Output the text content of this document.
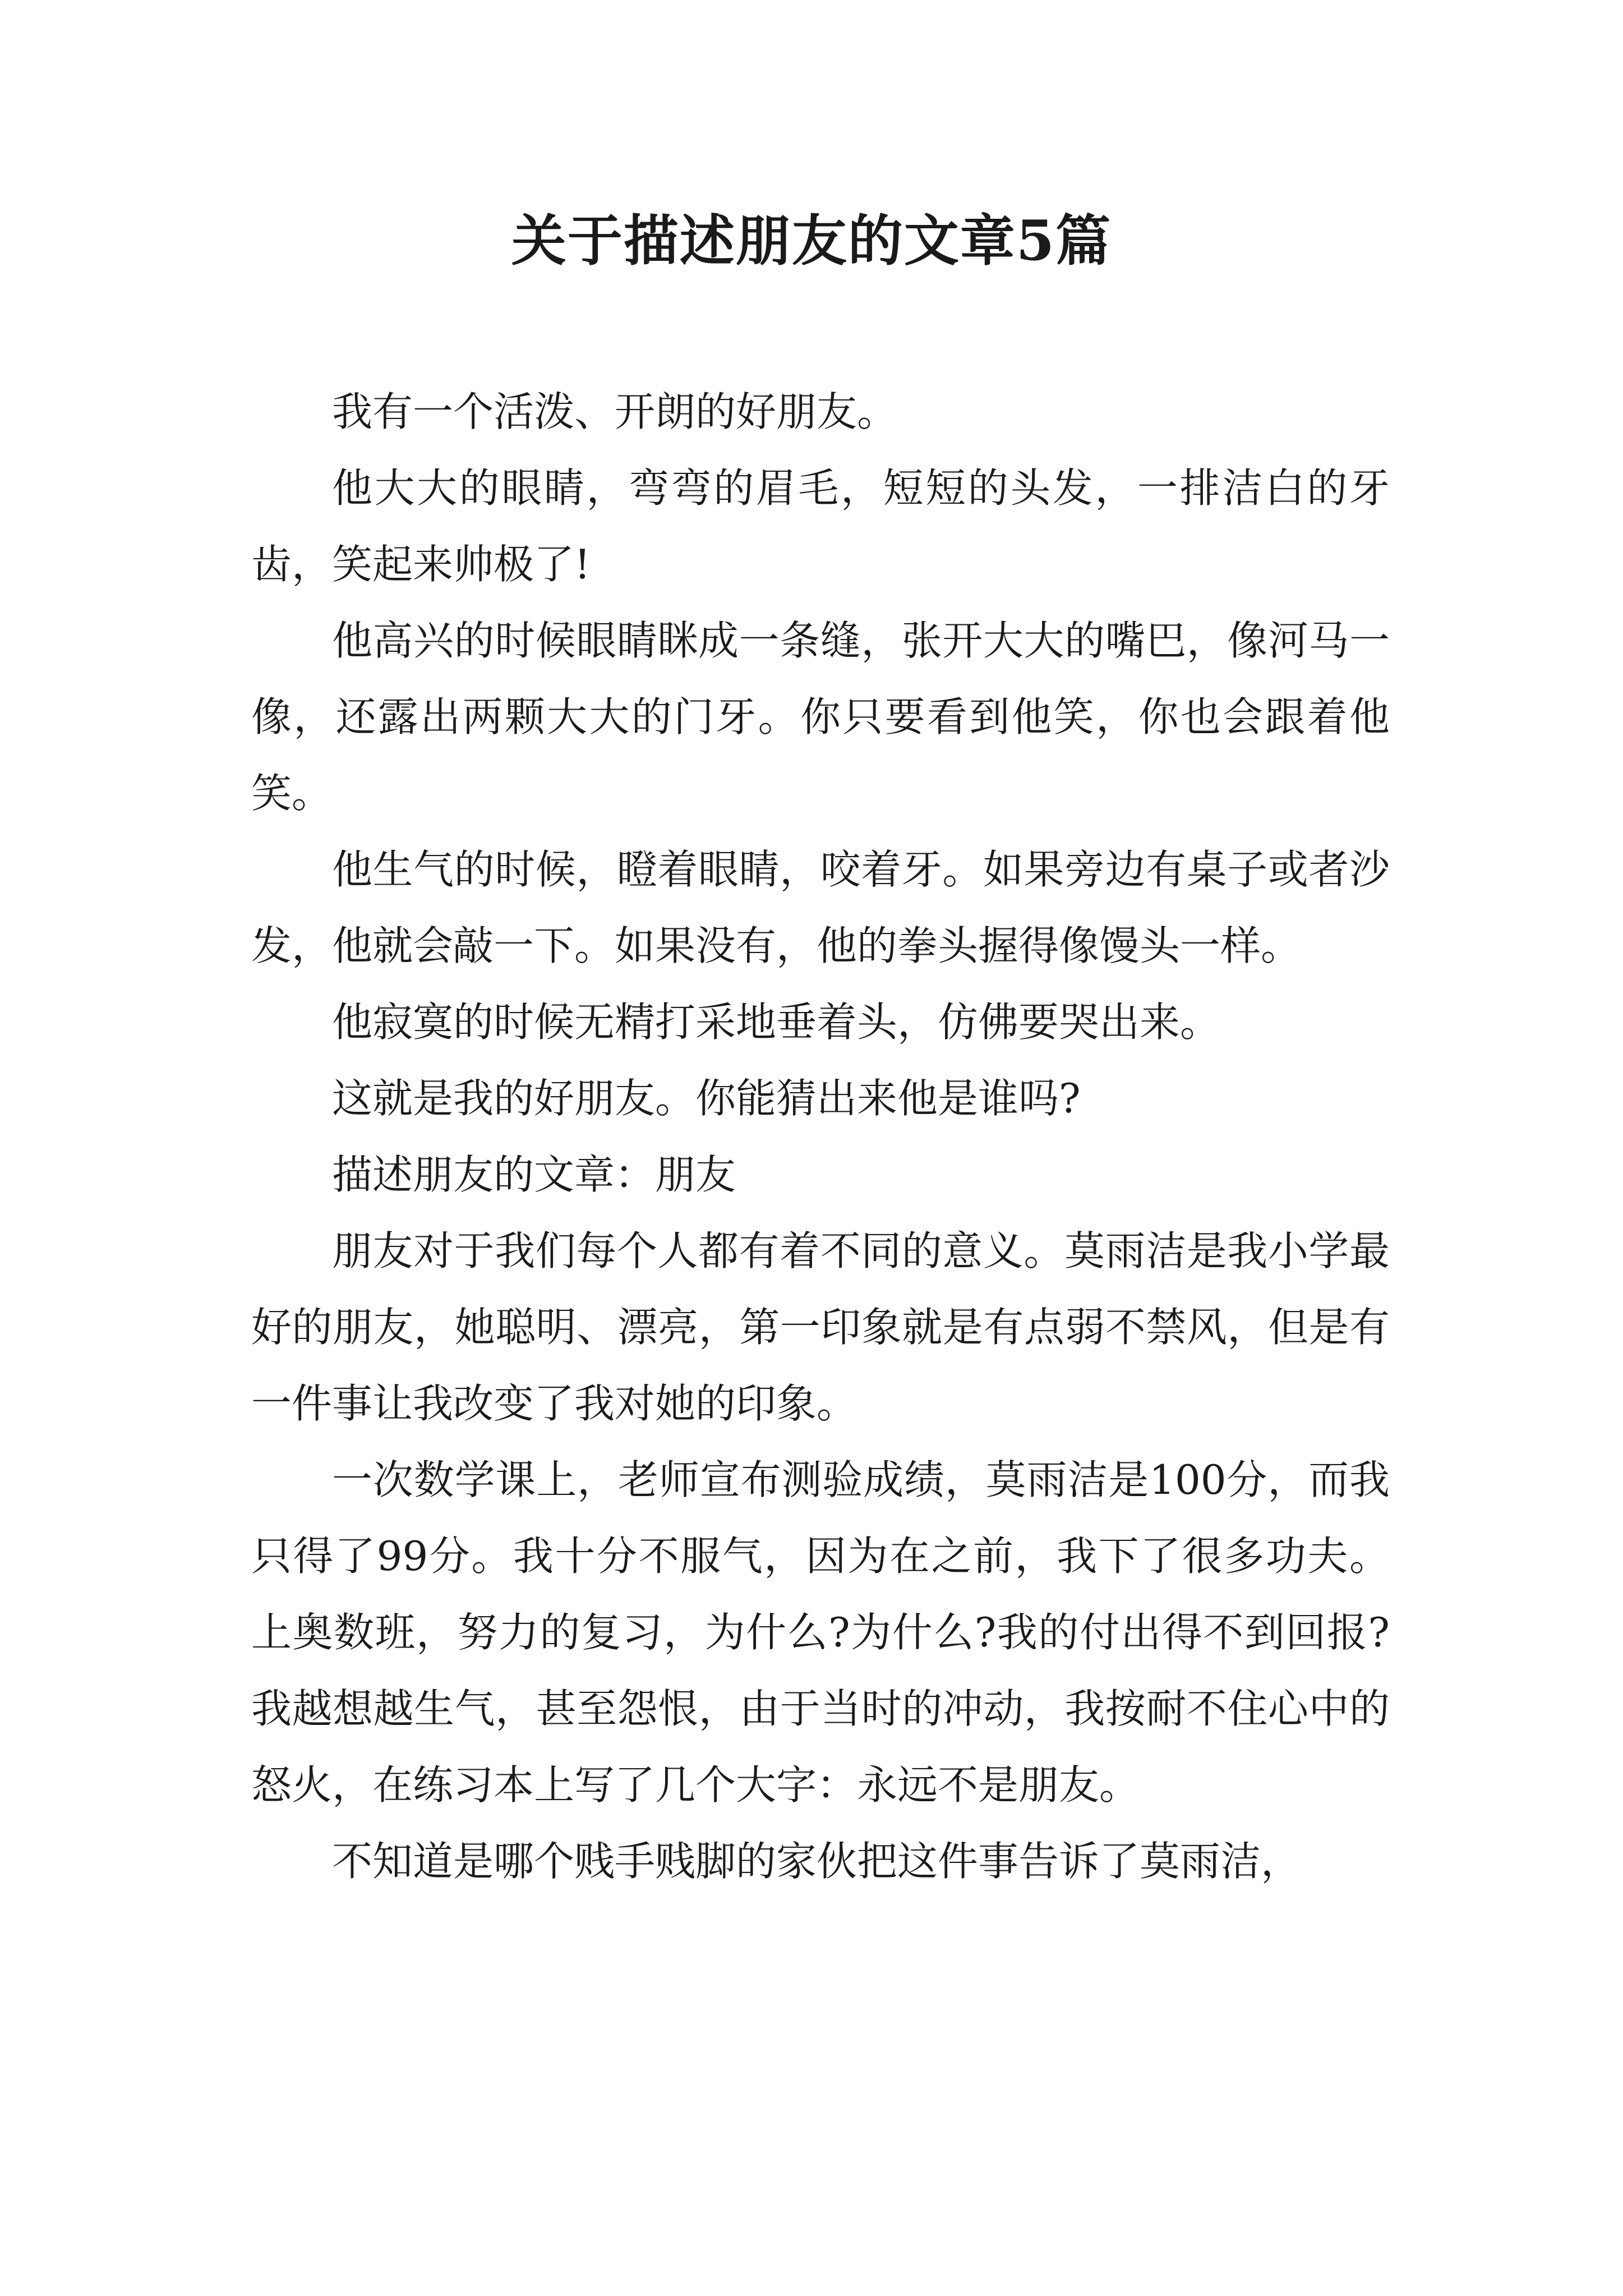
关于描述朋友的文章5篇

我有一个活泼、开朗的好朋友。

他大大的眼睛，弯弯的眉毛，短短的头发，一排洁白的牙齿，笑起来帅极了!

他高兴的时候眼睛眯成一条缝，张开大大的嘴巴，像河马一像，还露出两颗大大的门牙。你只要看到他笑，你也会跟着他笑。

他生气的时候，瞪着眼睛，咬着牙。如果旁边有桌子或者沙发，他就会敲一下。如果没有，他的拳头握得像馒头一样。

他寂寞的时候无精打采地垂着头，仿佛要哭出来。

这就是我的好朋友。你能猜出来他是谁吗?

描述朋友的文章：朋友

朋友对于我们每个人都有着不同的意义。莫雨洁是我小学最好的朋友，她聪明、漂亮，第一印象就是有点弱不禁风，但是有一件事让我改变了我对她的印象。

一次数学课上，老师宣布测验成绩，莫雨洁是100分，而我只得了99分。我十分不服气，因为在之前，我下了很多功夫。上奥数班，努力的复习，为什么?为什么?我的付出得不到回报?我越想越生气，甚至怨恨，由于当时的冲动，我按耐不住心中的怒火，在练习本上写了几个大字：永远不是朋友。

不知道是哪个贱手贱脚的家伙把这件事告诉了莫雨洁，
